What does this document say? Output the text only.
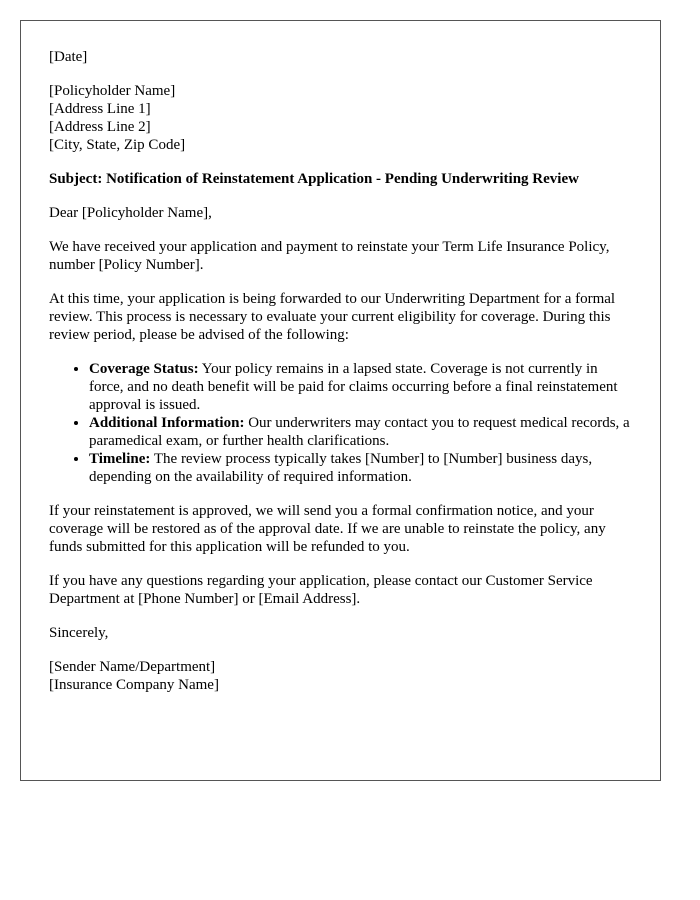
[Date]

[Policyholder Name]
[Address Line 1]
[Address Line 2]
[City, State, Zip Code]

Subject: Notification of Reinstatement Application - Pending Underwriting Review

Dear [Policyholder Name],

We have received your application and payment to reinstate your Term Life Insurance Policy, number [Policy Number].

At this time, your application is being forwarded to our Underwriting Department for a formal review. This process is necessary to evaluate your current eligibility for coverage. During this review period, please be advised of the following:

• Coverage Status: Your policy remains in a lapsed state. Coverage is not currently in force, and no death benefit will be paid for claims occurring before a final reinstatement approval is issued.
• Additional Information: Our underwriters may contact you to request medical records, a paramedical exam, or further health clarifications.
• Timeline: The review process typically takes [Number] to [Number] business days, depending on the availability of required information.

If your reinstatement is approved, we will send you a formal confirmation notice, and your coverage will be restored as of the approval date. If we are unable to reinstate the policy, any funds submitted for this application will be refunded to you.

If you have any questions regarding your application, please contact our Customer Service Department at [Phone Number] or [Email Address].

Sincerely,

[Sender Name/Department]
[Insurance Company Name]
